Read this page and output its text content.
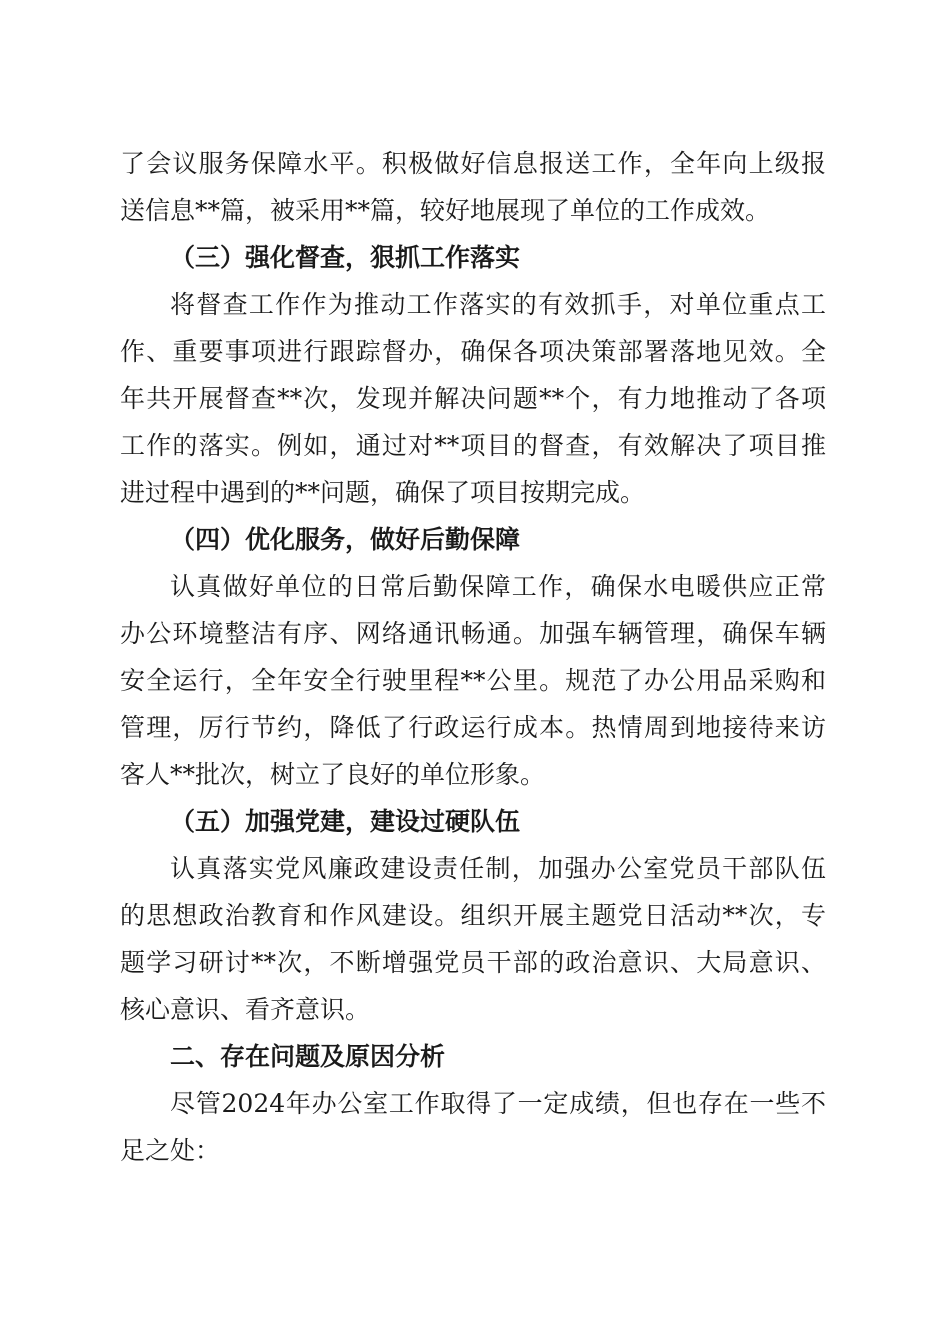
了会议服务保障水平。积极做好信息报送工作，全年向上级报
送信息**篇，被采用**篇，较好地展现了单位的工作成效。
（三）强化督查，狠抓工作落实
将督查工作作为推动工作落实的有效抓手，对单位重点工
作、重要事项进行跟踪督办，确保各项决策部署落地见效。全
年共开展督查**次，发现并解决问题**个，有力地推动了各项
工作的落实。例如，通过对**项目的督查，有效解决了项目推
进过程中遇到的**问题，确保了项目按期完成。
（四）优化服务，做好后勤保障
认真做好单位的日常后勤保障工作，确保水电暖供应正常
办公环境整洁有序、网络通讯畅通。加强车辆管理，确保车辆
安全运行，全年安全行驶里程**公里。规范了办公用品采购和
管理，厉行节约，降低了行政运行成本。热情周到地接待来访
客人**批次，树立了良好的单位形象。
（五）加强党建，建设过硬队伍
认真落实党风廉政建设责任制，加强办公室党员干部队伍
的思想政治教育和作风建设。组织开展主题党日活动**次，专
题学习研讨**次，不断增强党员干部的政治意识、大局意识、
核心意识、看齐意识。
二、存在问题及原因分析
尽管2024年办公室工作取得了一定成绩，但也存在一些不
足之处：
